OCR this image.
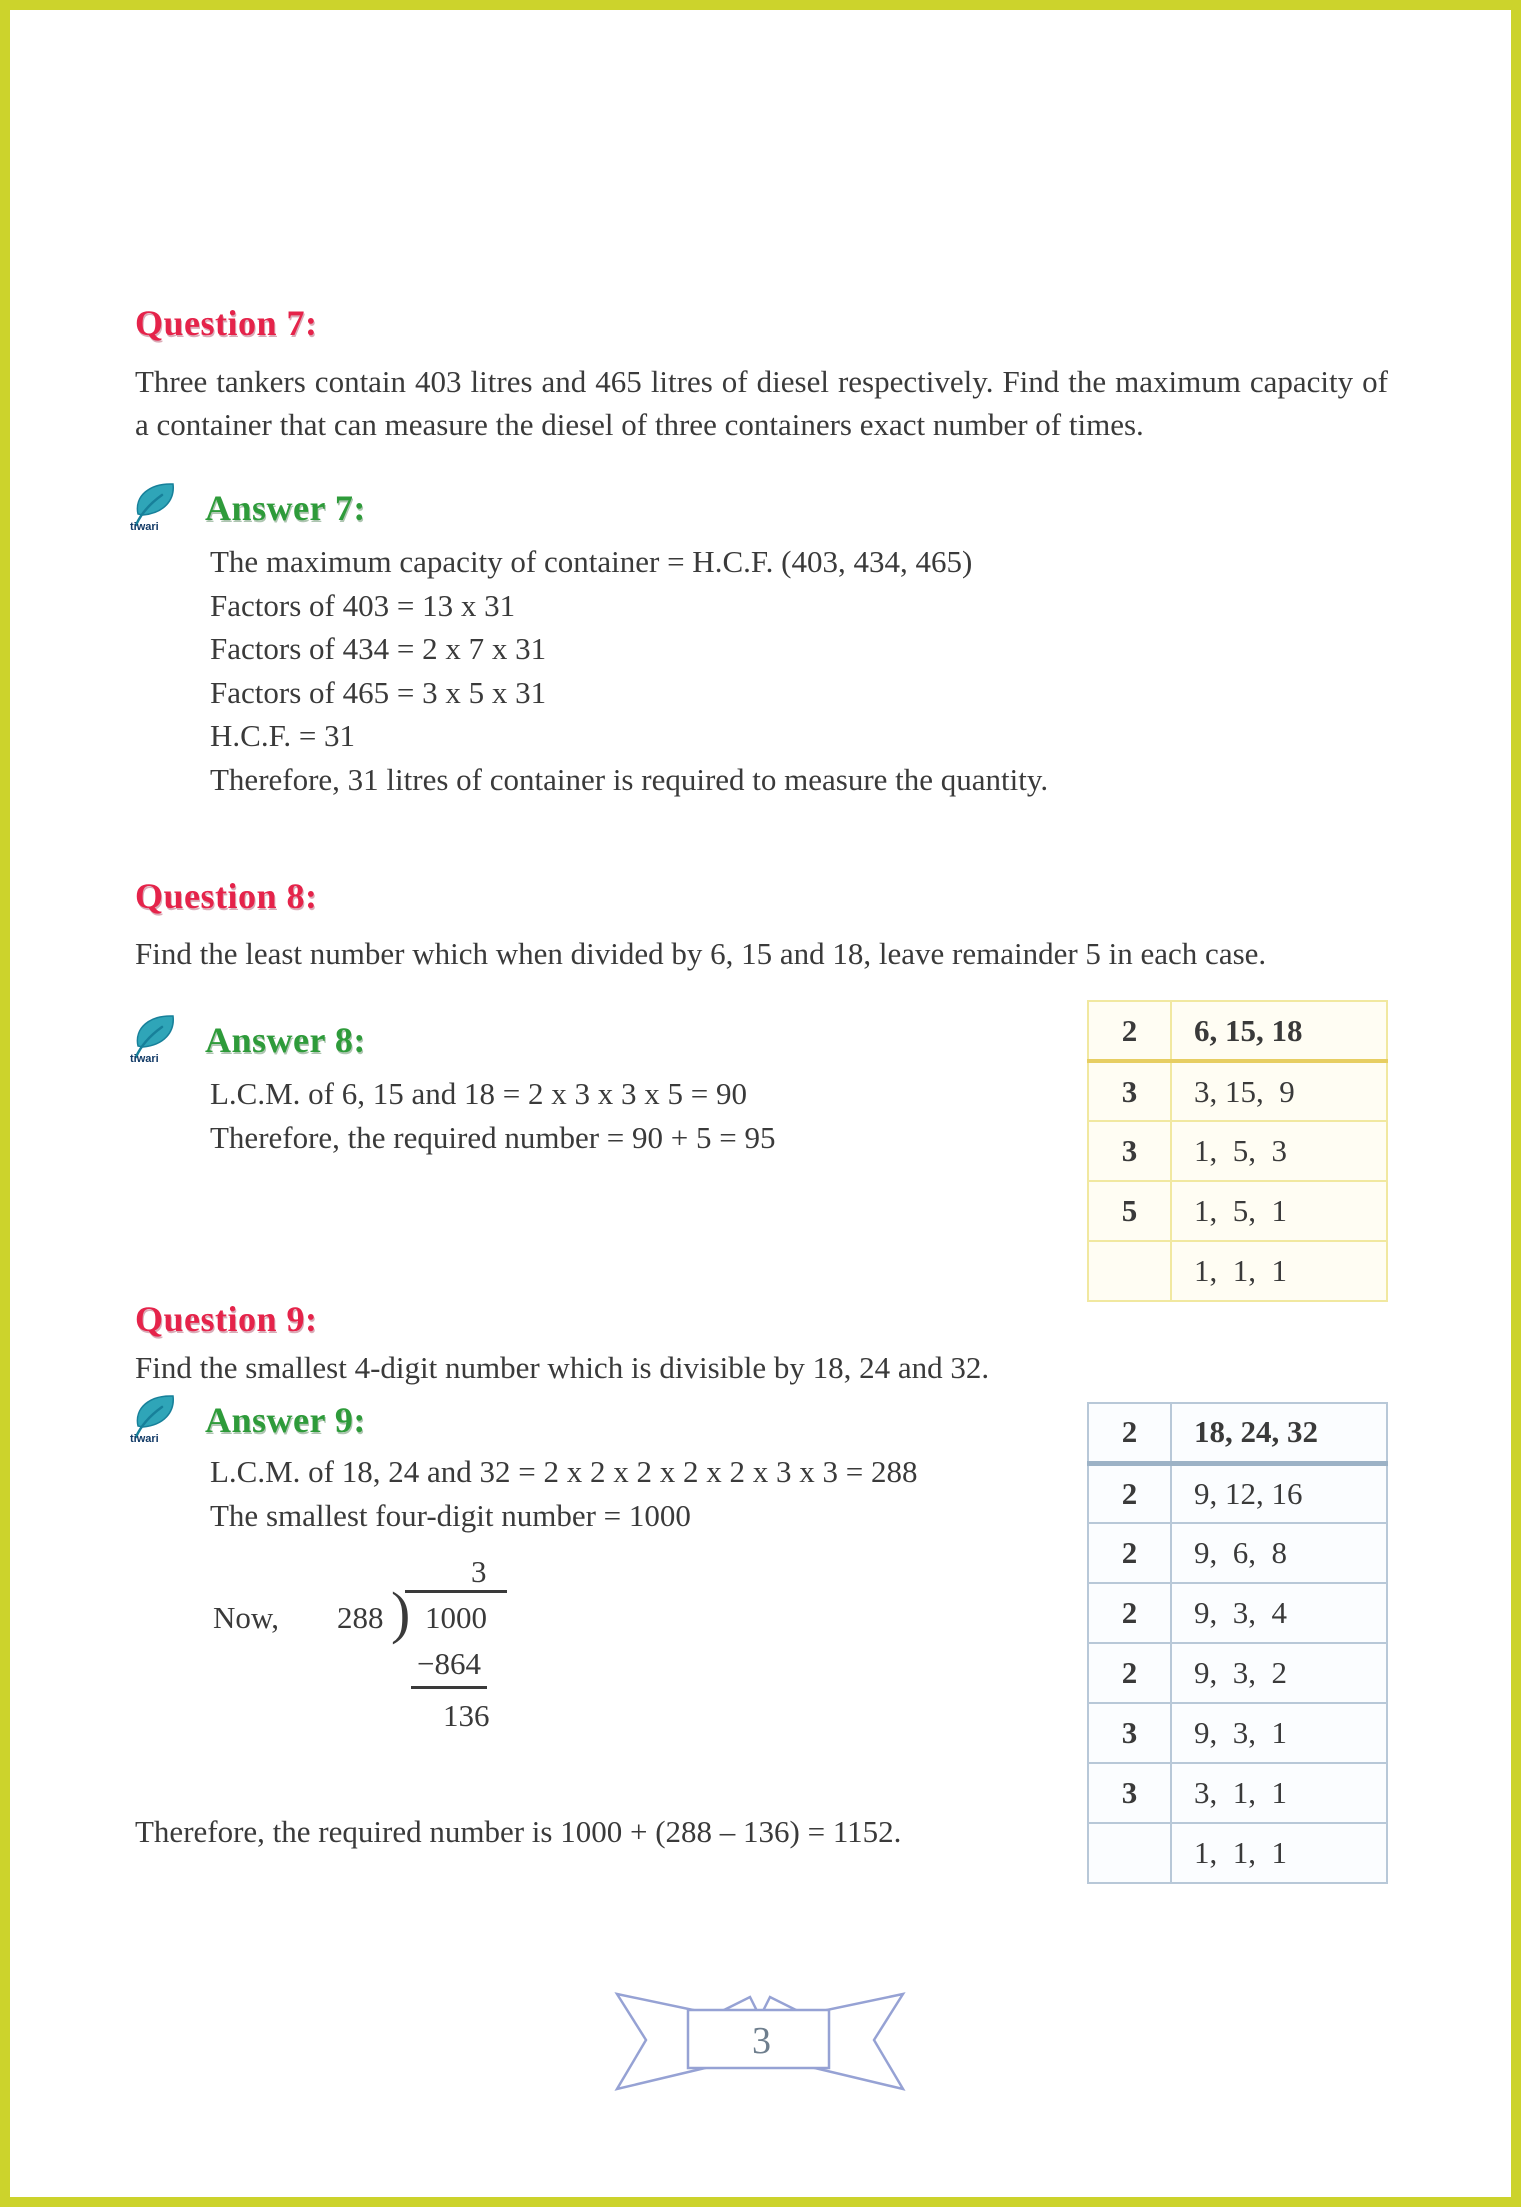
Question 7:

Three tankers contain 403 litres and 465 litres of diesel respectively. Find the maximum capacity of a container that can measure the diesel of three containers exact number of times.

tiwari Answer 7:
The maximum capacity of container = H.C.F. (403, 434, 465)
Factors of 403 = 13 x 31
Factors of 434 = 2 x 7 x 31
Factors of 465 = 3 x 5 x 31
H.C.F. = 31
Therefore, 31 litres of container is required to measure the quantity.
Question 8:

Find the least number which when divided by 6, 15 and 18, leave remainder 5 in each case.

tiwari Answer 8:
L.C.M. of 6, 15 and 18 = 2 x 3 x 3 x 5 = 90
Therefore, the required number = 90 + 5 = 95
2	6, 15, 18
3	3, 15,  9
3	1,  5,  3
5	1,  5,  1
	1,  1,  1
Question 9:

Find the smallest 4-digit number which is divisible by 18, 24 and 32.

tiwari Answer 9:
L.C.M. of 18, 24 and 32 = 2 x 2 x 2 x 2 x 2 x 3 x 3 = 288
The smallest four-digit number = 1000
3
Now, 288 ) 1000
−864
136
2	18, 24, 32
2	9, 12, 16
2	9,  6,  8
2	9,  3,  4
2	9,  3,  2
3	9,  3,  1
3	3,  1,  1
	1,  1,  1

Therefore, the required number is 1000 + (288 – 136) = 1152.

3
